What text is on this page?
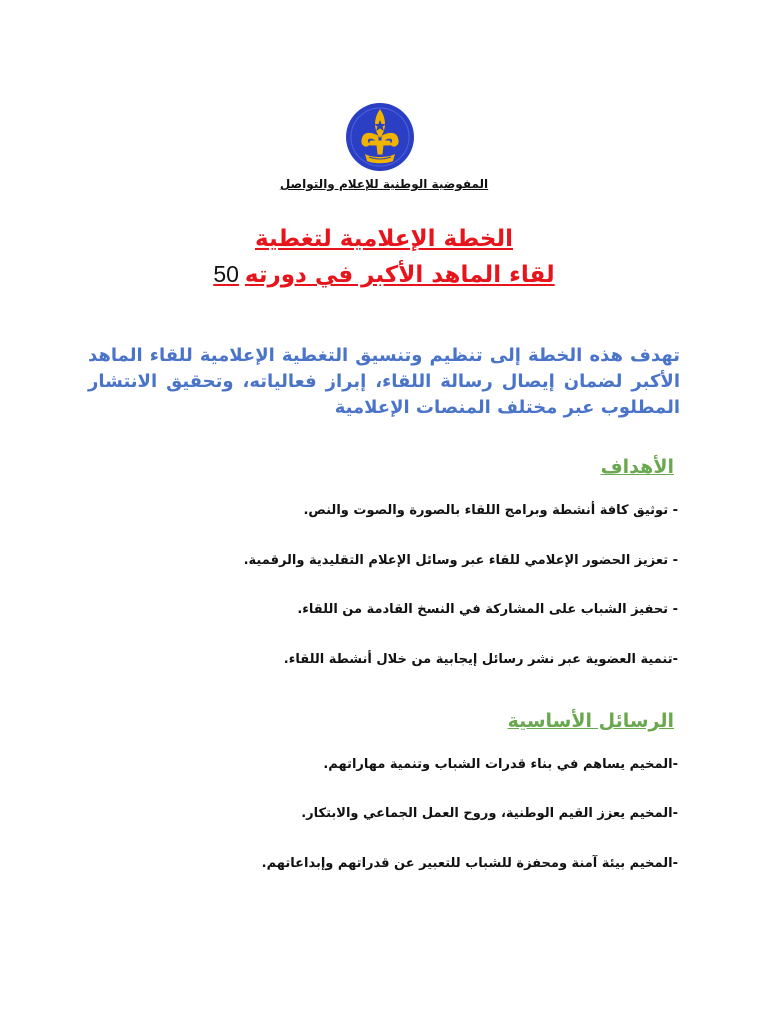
المفوضية الوطنية للإعلام والتواصل
الخطة الإعلامية لتغطية
لقاء الماهد الأكبر في دورته50
تهدف هذه الخطة إلى تنظيم وتنسيق التغطية الإعلامية للقاء الماهد الأكبر لضمان إيصال رسالة اللقاء، إبراز فعالياته، وتحقيق الانتشار المطلوب عبر مختلف المنصات الإعلامية
الأهداف
- توثيق كافة أنشطة وبرامج اللقاء بالصورة والصوت والنص.
- تعزيز الحضور الإعلامي للقاء عبر وسائل الإعلام التقليدية والرقمية.
- تحفيز الشباب على المشاركة في النسخ القادمة من اللقاء.
-تنمية العضوية عبر نشر رسائل إيجابية من خلال أنشطة اللقاء.
الرسائل الأساسية
-المخيم يساهم في بناء قدرات الشباب وتنمية مهاراتهم.
-المخيم يعزز القيم الوطنية، وروح العمل الجماعي والابتكار.
-المخيم بيئة آمنة ومحفزة للشباب للتعبير عن قدراتهم وإبداعاتهم.
